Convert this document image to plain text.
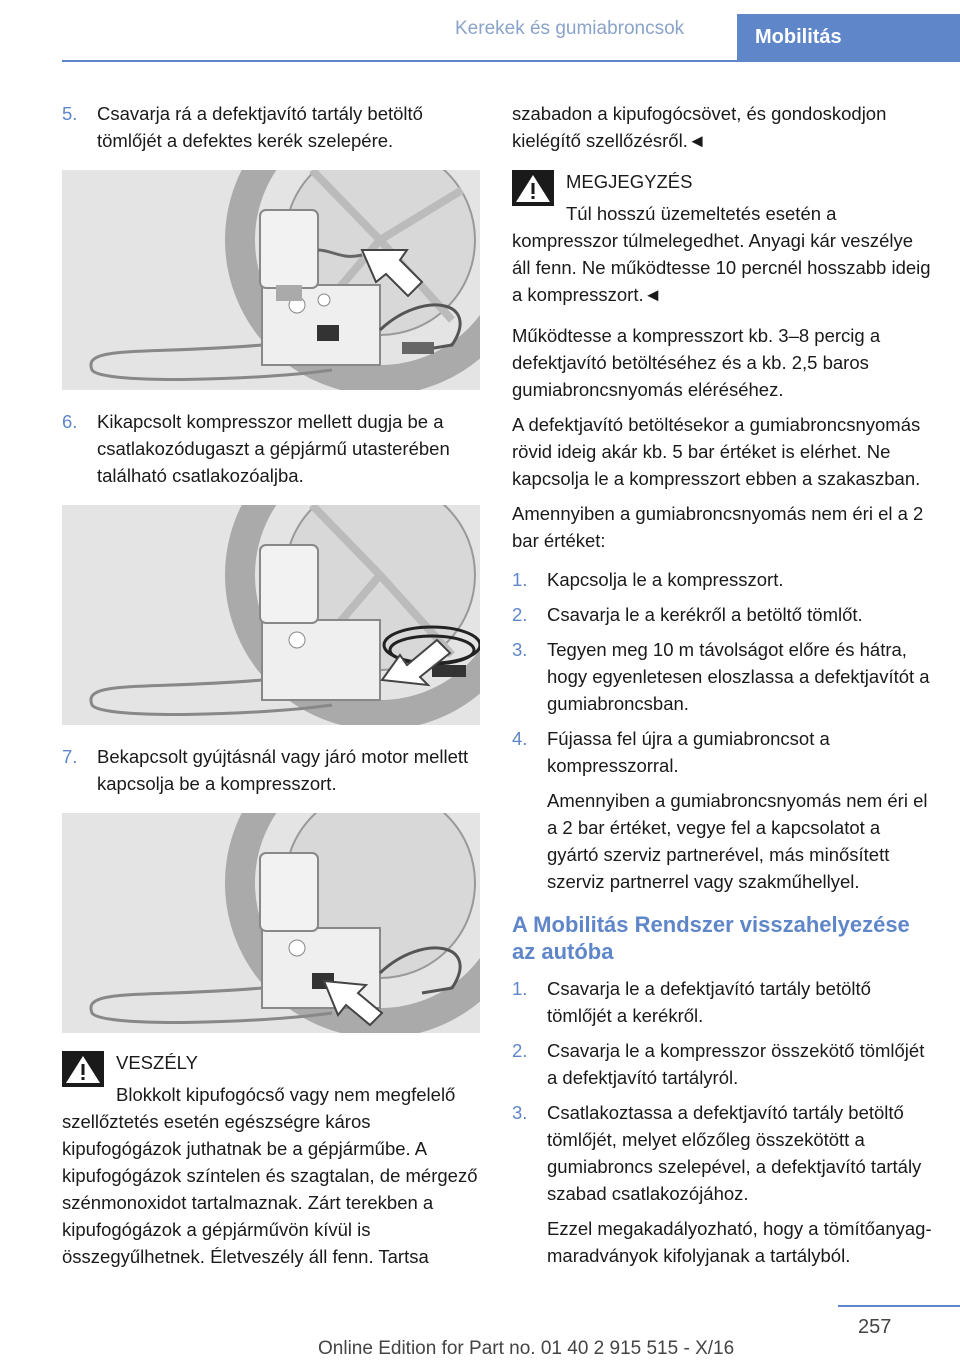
Kerekek és gumiabroncsok	Mobilitás
5. Csavarja rá a defektjavító tartály betöltő tömlőjét a defektes kerék szelepére.
6. Kikapcsolt kompresszor mellett dugja be a csatlakozódugaszt a gépjármű utasterében található csatlakozóaljba.
7. Bekapcsolt gyújtásnál vagy járó motor mellett kapcsolja be a kompresszort.

VESZÉLY

Blokkolt kipufogócső vagy nem megfelelő szellőztetés esetén egészségre káros kipufogógázok juthatnak be a gépjárműbe. A kipufogógázok színtelen és szagtalan, de mérgező szénmonoxidot tartalmaznak. Zárt terekben a kipufogógázok a gépjárművön kívül is összegyűlhetnek. Életveszély áll fenn. Tartsa

szabadon a kipufogócsövet, és gondoskodjon kielégítő szellőzésről.◄

MEGJEGYZÉS

Túl hosszú üzemeltetés esetén a kompresszor túlmelegedhet. Anyagi kár veszélye áll fenn. Ne működtesse 10 percnél hosszabb ideig a kompresszort.◄

Működtesse a kompresszort kb. 3–8 percig a defektjavító betöltéséhez és a kb. 2,5 baros gumiabroncsnyomás eléréséhez.

A defektjavító betöltésekor a gumiabroncsnyomás rövid ideig akár kb. 5 bar értéket is elérhet. Ne kapcsolja le a kompresszort ebben a szakaszban.

Amennyiben a gumiabroncsnyomás nem éri el a 2 bar értéket:

1. Kapcsolja le a kompresszort.
2. Csavarja le a kerékről a betöltő tömlőt.
3. Tegyen meg 10 m távolságot előre és hátra, hogy egyenletesen eloszlassa a defektjavítót a gumiabroncsban.
4. Fújassa fel újra a gumiabroncsot a kompresszorral.
Amennyiben a gumiabroncsnyomás nem éri el a 2 bar értéket, vegye fel a kapcsolatot a gyártó szerviz partnerével, más minősített szerviz partnerrel vagy szakműhellyel.
A Mobilitás Rendszer visszahelyezése az autóba
1. Csavarja le a defektjavító tartály betöltő tömlőjét a kerékről.
2. Csavarja le a kompresszor összekötő tömlőjét a defektjavító tartályról.
3. Csatlakoztassa a defektjavító tartály betöltő tömlőjét, melyet előzőleg összekötött a gumiabroncs szelepével, a defektjavító tartály szabad csatlakozójához.
Ezzel megakadályozható, hogy a tömítőanyag-maradványok kifolyjanak a tartályból.
257
Online Edition for Part no. 01 40 2 915 515 - X/16
